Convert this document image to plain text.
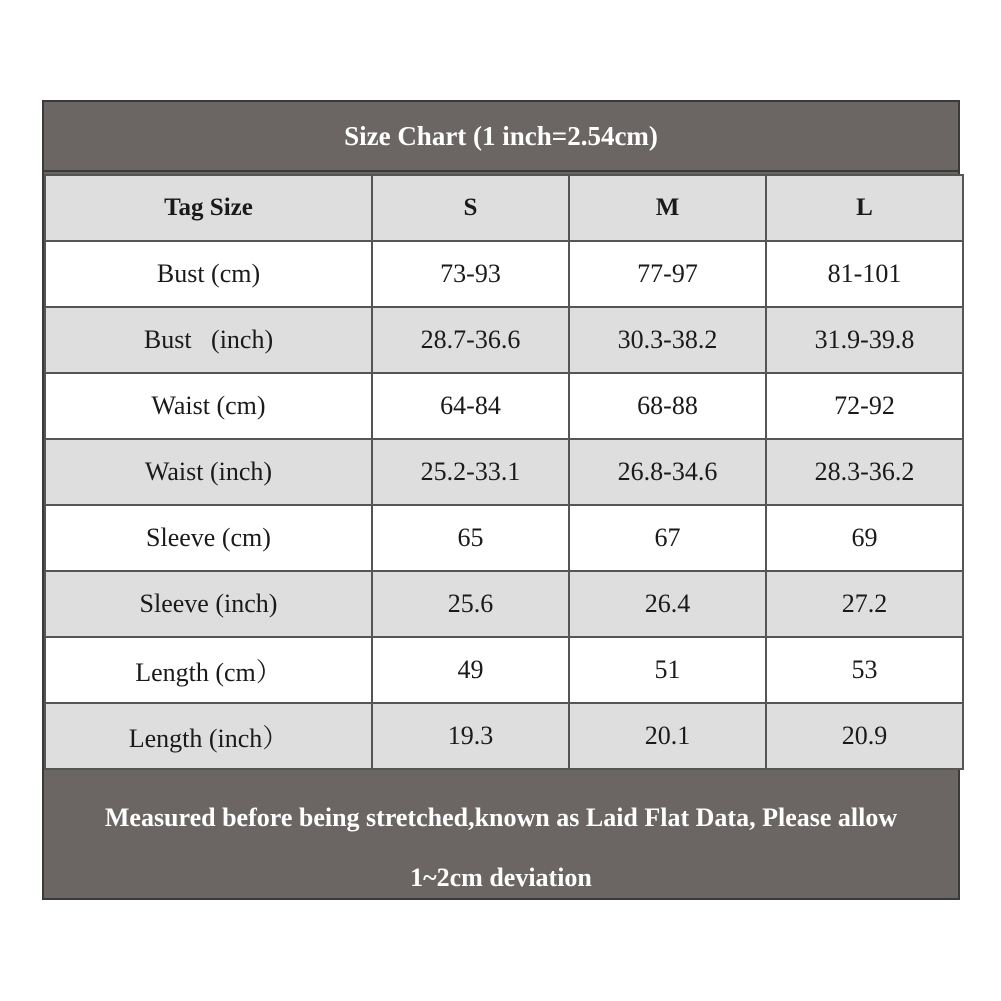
Size Chart (1 inch=2.54cm)
Tag Size	S	M	L
Bust (cm)	73-93	77-97	81-101
Bust   (inch)	28.7-36.6	30.3-38.2	31.9-39.8
Waist (cm)	64-84	68-88	72-92
Waist (inch)	25.2-33.1	26.8-34.6	28.3-36.2
Sleeve (cm)	65	67	69
Sleeve (inch)	25.6	26.4	27.2
Length (cm）	49	51	53
Length (inch）	19.3	20.1	20.9
Measured before being stretched,known as Laid Flat Data, Please allow
1~2cm deviation
